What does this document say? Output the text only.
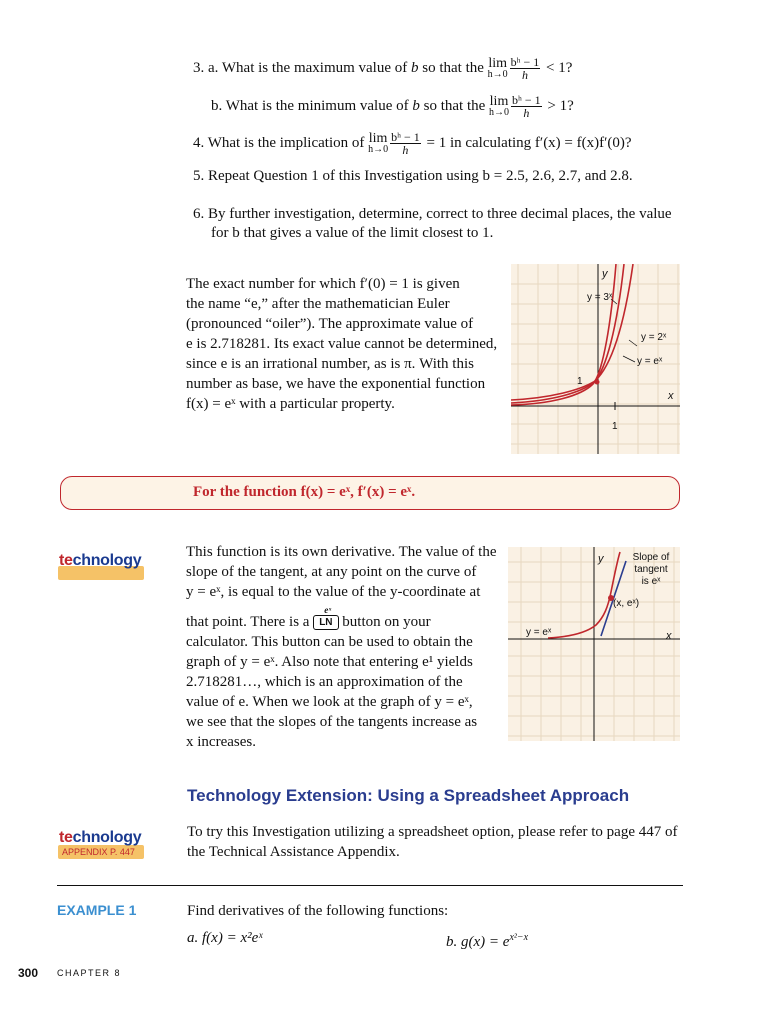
3. a. What is the maximum value of b so that the lim
$h\to 0 \frac{\text{bʰ − 1}}{h} < 1$?
b. What is the minimum value of b so that the lim
$h\to 0 \frac{\text{bʰ − 1}}{h} > 1$?
4. What is the implication of lim
$h\to 0 \frac{\text{bʰ − 1}}{h} = 1$ in calculating f′(x) = f(x)f′(0)?
5. Repeat Question 1 of this Investigation using b = 2.5, 2.6, 2.7, and 2.8.
6. By further investigation, determine, correct to three decimal places, the value
for b that gives a value of the limit closest to 1.

The exact number for which f′(0) = 1 is given

the name “e,” after the mathematician Euler

(pronounced “oiler”). The approximate value of

e is 2.718281. Its exact value cannot be determined,

since e is an irrational number, as is π. With this

number as base, we have the exponential function

f(x) = eˣ with a particular property.

y
x
y = 3ˣ
y = 2ˣ
y = eˣ
1
1
For the function f(x) = eˣ, f′(x) = eˣ.
technology	This function is its own derivative. The value of the

slope of the tangent, at any point on the curve of

y = eˣ, is equal to the value of the y-coordinate at

that point. There is a
eˣ
LN button on your

calculator. This button can be used to obtain the

graph of y = eˣ. Also note that entering e¹ yields

2.718281…, which is an approximation of the

value of e. When we look at the graph of y = eˣ,

we see that the slopes of the tangents increase as

x increases.

y
x
y = eˣ
(x, eˣ)
Slope of
tangent
is eˣ
Technology Extension: Using a Spreadsheet Approach
technology
APPENDIX P. 447

To try this Investigation utilizing a spreadsheet option, please refer to page 447 of

the Technical Assistance Appendix.

EXAMPLE 1	Find derivatives of the following functions:
a. f(x) = x²eˣ	b. $g(x) = e^{x^2-x}$
300 CHAPTER 8
